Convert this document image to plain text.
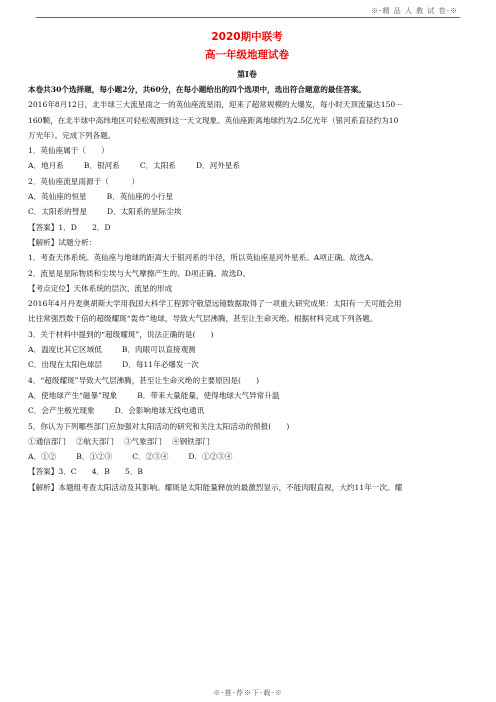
※-精 品 人 教 试 卷-※
2020期中联考
高一年级地理试卷
第Ⅰ卷
本卷共30个选择题，每小题2分，共60分，在每小题给出的四个选项中，选出符合题意的最佳答案。
2016年8月12日，北半球三大流星雨之一的英仙座流星雨，迎来了超常规模的大爆发，每小时天顶流量达150－
160颗，在北半球中高纬地区可轻松观测到这一天文现象。英仙座距离地球约为2.5亿光年（银河系直径约为10
万光年）。完成下列各题。
1．英仙座属于（　　）
A．地月系	B．银河系	C．太阳系	D．河外星系
2．英仙座流星雨源于（　　　）
A．英仙座的恒星	B．英仙座的小行星
C．太阳系的彗星	D．太阳系的星际尘埃
【答案】1．D　　2．D
【解析】试题分析：
1．考查天体系统。英仙座与地球的距离大于银河系的半径，所以英仙座是河外星系。A项正确。故选A。
2．流星是星际物质和尘埃与大气摩擦产生的。D项正确。故选D。
【考点定位】天体系统的层次、流星的形成
2016年4月丹麦奥胡斯大学用我国大科学工程郭守敬望远镜数据取得了一项重大研究成果：太阳有一天可能会用
比往常强烈数千倍的超级耀斑“轰炸”地球，导致大气层沸腾，甚至让生命灭绝。根据材料完成下列各题。
3．关于材料中提到的“超级耀斑”，说法正确的是(　　)
A．温度比其它区域低	B．肉眼可以直接观测
C．出现在太阳色球层	D．每11年必爆发一次
4．“超级耀斑”导致大气层沸腾，甚至让生命灭绝的主要原因是(　　)
A．使地球产生“磁暴”现象	B．带来大量能量，使得地球大气异常升温
C．会产生极光现象	D．会影响地球无线电通讯
5．你认为下列哪些部门应加强对太阳活动的研究和关注太阳活动的预报(　　)
①通信部门　 ②航天部门　 ③气象部门　 ④钢铁部门
A．①②	B．①②③	C．②③④	D．①②③④
【答案】3．C　　4．B　　5．B
【解析】本题组考查太阳活动及其影响。耀斑是太阳能量释放的最激烈显示，不能肉眼直视，大约11年一次。耀
※-推-荐※下-载-※
